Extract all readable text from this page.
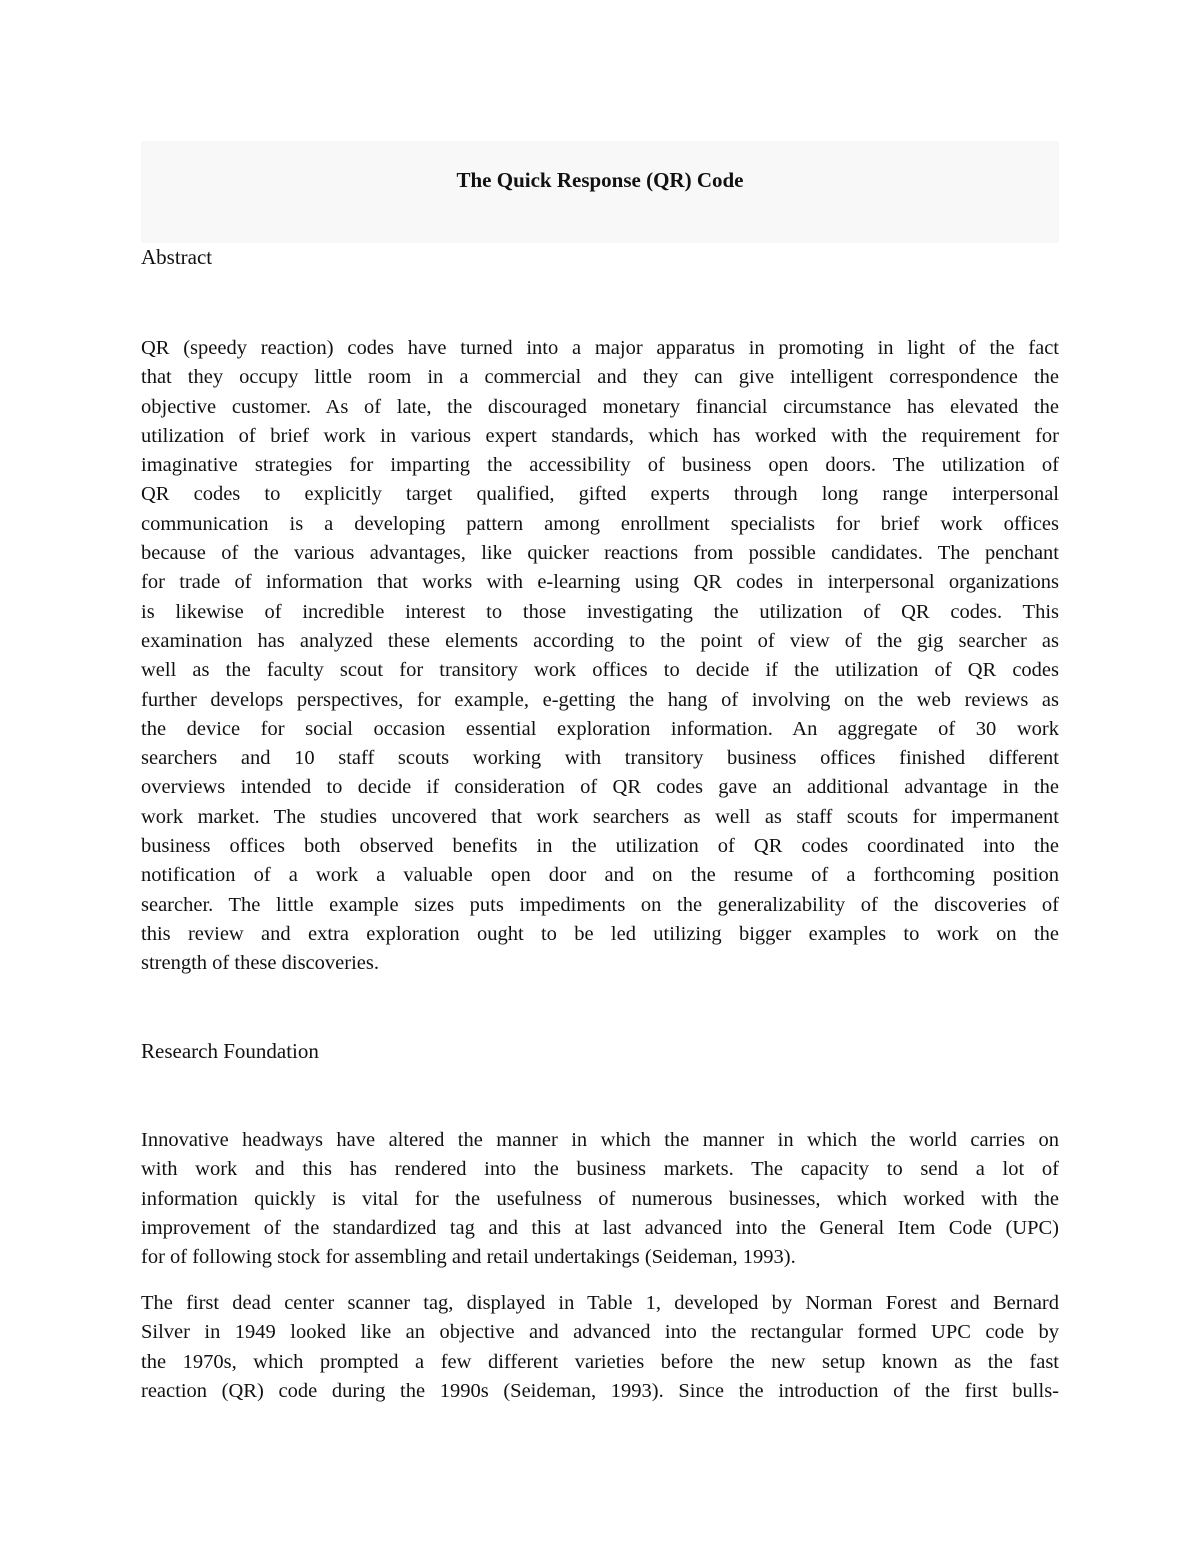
The Quick Response (QR) Code
Abstract
QR (speedy reaction) codes have turned into a major apparatus in promoting in light of the fact
that they occupy little room in a commercial and they can give intelligent correspondence the
objective customer. As of late, the discouraged monetary financial circumstance has elevated the
utilization of brief work in various expert standards, which has worked with the requirement for
imaginative strategies for imparting the accessibility of business open doors. The utilization of
QR codes to explicitly target qualified, gifted experts through long range interpersonal
communication is a developing pattern among enrollment specialists for brief work offices
because of the various advantages, like quicker reactions from possible candidates. The penchant
for trade of information that works with e-learning using QR codes in interpersonal organizations
is likewise of incredible interest to those investigating the utilization of QR codes. This
examination has analyzed these elements according to the point of view of the gig searcher as
well as the faculty scout for transitory work offices to decide if the utilization of QR codes
further develops perspectives, for example, e-getting the hang of involving on the web reviews as
the device for social occasion essential exploration information. An aggregate of 30 work
searchers and 10 staff scouts working with transitory business offices finished different
overviews intended to decide if consideration of QR codes gave an additional advantage in the
work market. The studies uncovered that work searchers as well as staff scouts for impermanent
business offices both observed benefits in the utilization of QR codes coordinated into the
notification of a work a valuable open door and on the resume of a forthcoming position
searcher. The little example sizes puts impediments on the generalizability of the discoveries of
this review and extra exploration ought to be led utilizing bigger examples to work on the
strength of these discoveries.
Research Foundation
Innovative headways have altered the manner in which the manner in which the world carries on
with work and this has rendered into the business markets. The capacity to send a lot of
information quickly is vital for the usefulness of numerous businesses, which worked with the
improvement of the standardized tag and this at last advanced into the General Item Code (UPC)
for of following stock for assembling and retail undertakings (Seideman, 1993).
The first dead center scanner tag, displayed in Table 1, developed by Norman Forest and Bernard
Silver in 1949 looked like an objective and advanced into the rectangular formed UPC code by
the 1970s, which prompted a few different varieties before the new setup known as the fast
reaction (QR) code during the 1990s (Seideman, 1993). Since the introduction of the first bulls-
